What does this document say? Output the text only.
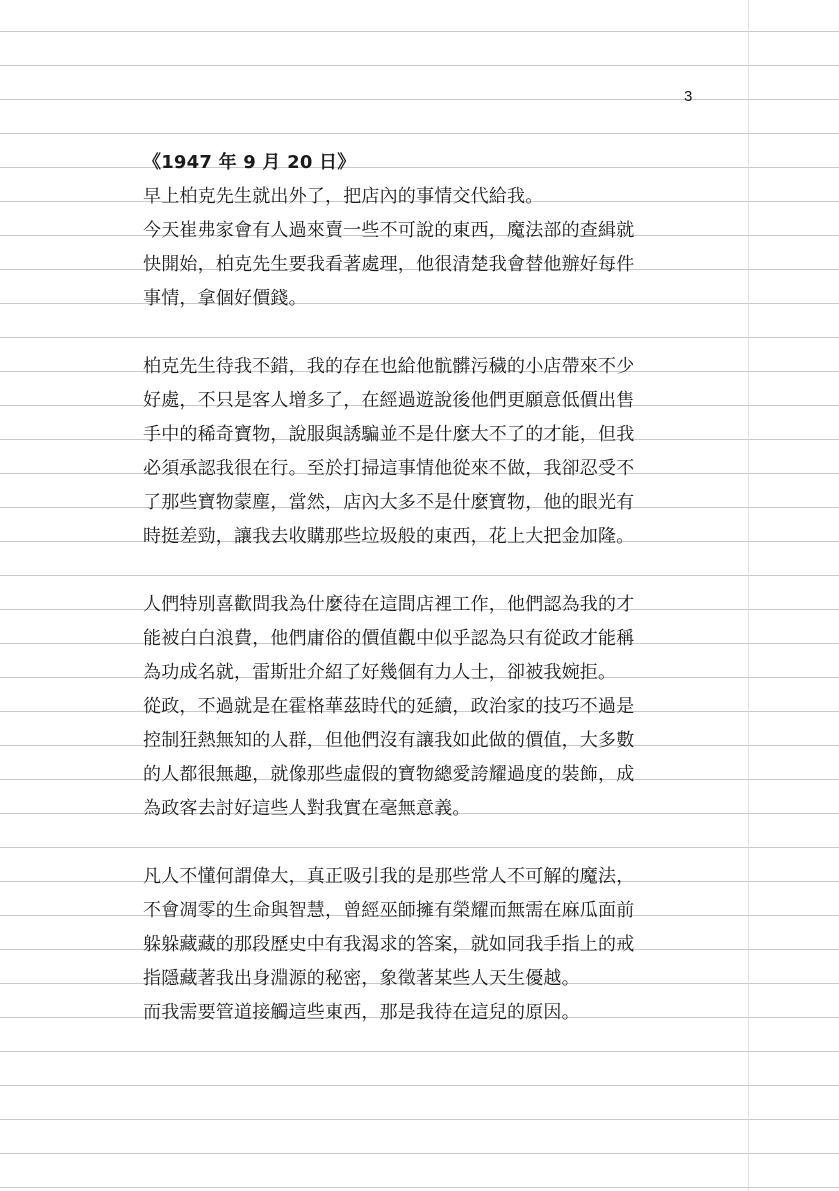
3
《1947 年 9 月 20 日》
早上柏克先生就出外了，把店內的事情交代給我。
今天崔弗家會有人過來賣一些不可說的東西，魔法部的查緝就
快開始，柏克先生要我看著處理，他很清楚我會替他辦好每件
事情，拿個好價錢。
柏克先生待我不錯，我的存在也給他骯髒污穢的小店帶來不少
好處，不只是客人增多了，在經過遊說後他們更願意低價出售
手中的稀奇寶物，說服與誘騙並不是什麼大不了的才能，但我
必須承認我很在行。至於打掃這事情他從來不做，我卻忍受不
了那些寶物蒙塵，當然，店內大多不是什麼寶物，他的眼光有
時挺差勁，讓我去收購那些垃圾般的東西，花上大把金加隆。
人們特別喜歡問我為什麼待在這間店裡工作，他們認為我的才
能被白白浪費，他們庸俗的價值觀中似乎認為只有從政才能稱
為功成名就，雷斯壯介紹了好幾個有力人士，卻被我婉拒。
從政，不過就是在霍格華茲時代的延續，政治家的技巧不過是
控制狂熱無知的人群，但他們沒有讓我如此做的價值，大多數
的人都很無趣，就像那些虛假的寶物總愛誇耀過度的裝飾，成
為政客去討好這些人對我實在毫無意義。
凡人不懂何謂偉大，真正吸引我的是那些常人不可解的魔法，
不會凋零的生命與智慧，曾經巫師擁有榮耀而無需在麻瓜面前
躲躲藏藏的那段歷史中有我渴求的答案，就如同我手指上的戒
指隱藏著我出身淵源的秘密，象徵著某些人天生優越。
而我需要管道接觸這些東西，那是我待在這兒的原因。
